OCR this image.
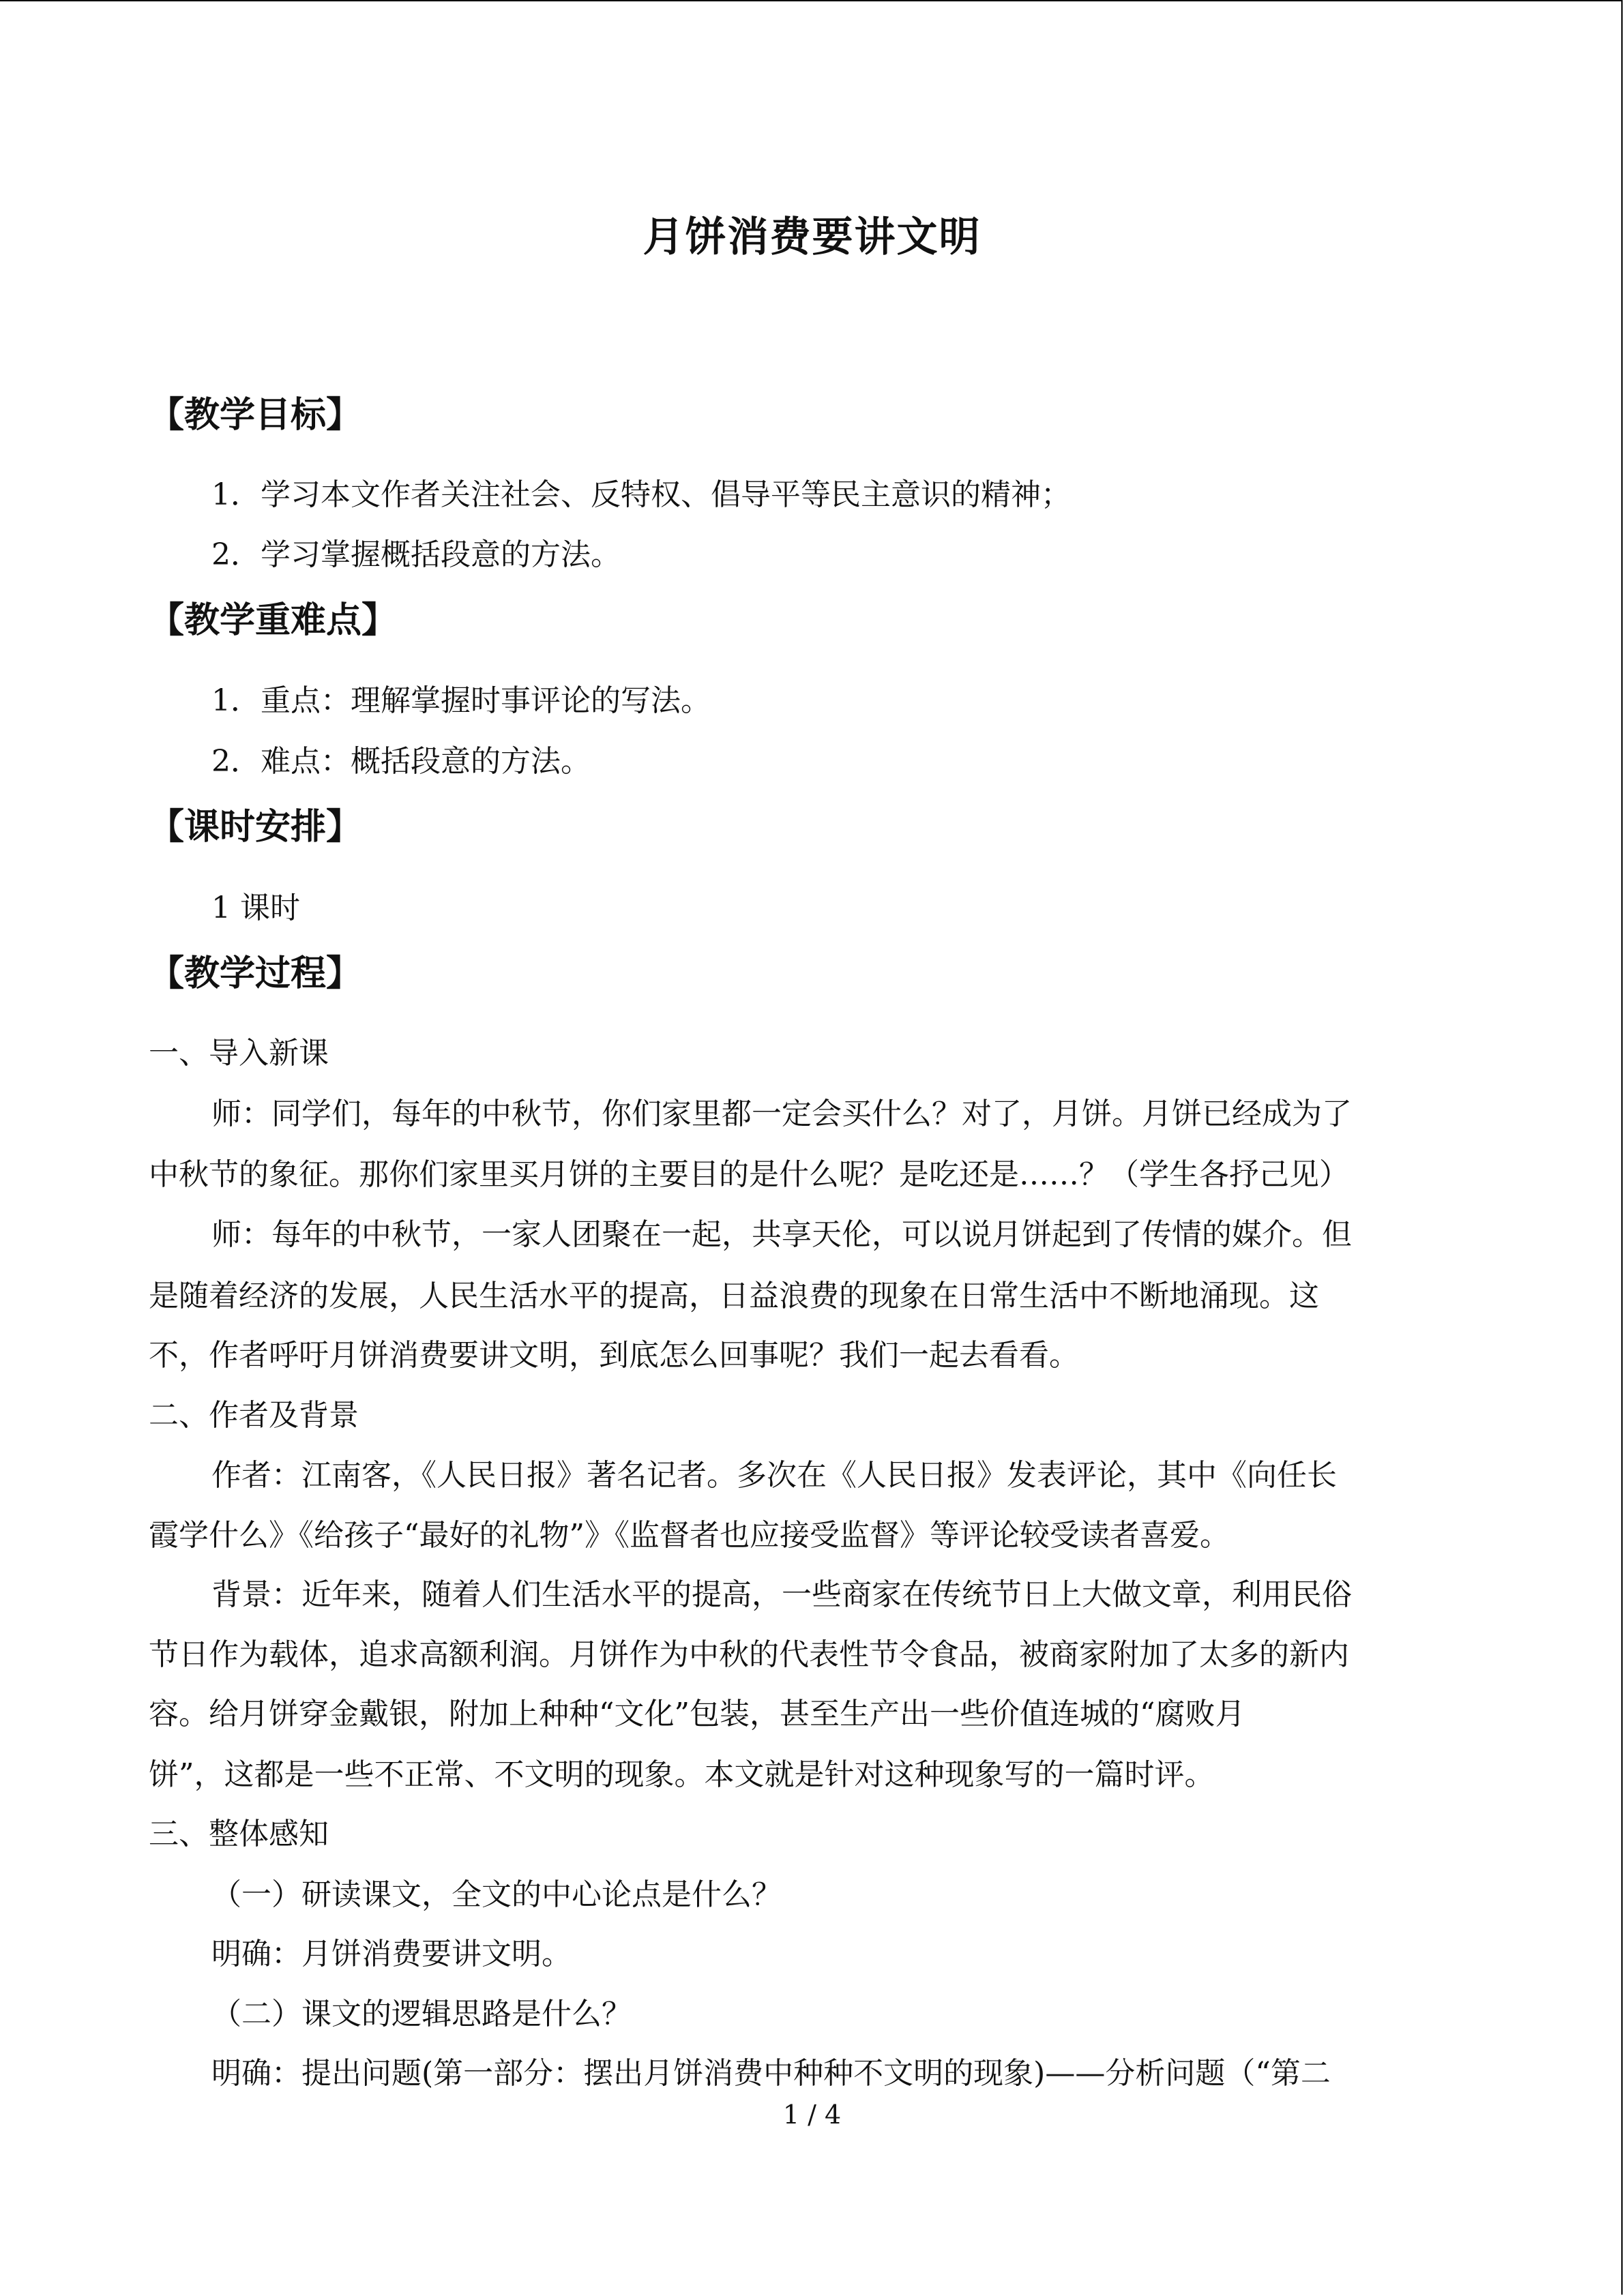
月饼消费要讲文明
【教学目标】

1．学习本文作者关注社会、反特权、倡导平等民主意识的精神；

2．学习掌握概括段意的方法。

【教学重难点】

1．重点：理解掌握时事评论的写法。

2．难点：概括段意的方法。

【课时安排】

1 课时

【教学过程】

一、导入新课

师：同学们，每年的中秋节，你们家里都一定会买什么？对了，月饼。月饼已经成为了

中秋节的象征。那你们家里买月饼的主要目的是什么呢？是吃还是……？（学生各抒己见）

师：每年的中秋节，一家人团聚在一起，共享天伦，可以说月饼起到了传情的媒介。但

是随着经济的发展，人民生活水平的提高，日益浪费的现象在日常生活中不断地涌现。这

不，作者呼吁月饼消费要讲文明，到底怎么回事呢？我们一起去看看。

二、作者及背景

作者：江南客，《人民日报》著名记者。多次在《人民日报》发表评论，其中《向任长

霞学什么》《给孩子“最好的礼物”》《监督者也应接受监督》等评论较受读者喜爱。

背景：近年来，随着人们生活水平的提高，一些商家在传统节日上大做文章，利用民俗

节日作为载体，追求高额利润。月饼作为中秋的代表性节令食品，被商家附加了太多的新内

容。给月饼穿金戴银，附加上种种“文化”包装，甚至生产出一些价值连城的“腐败月

饼”，这都是一些不正常、不文明的现象。本文就是针对这种现象写的一篇时评。

三、整体感知

（一）研读课文，全文的中心论点是什么？

明确：月饼消费要讲文明。

（二）课文的逻辑思路是什么？

明确：提出问题(第一部分：摆出月饼消费中种种不文明的现象)——分析问题（“第二

1 / 4
